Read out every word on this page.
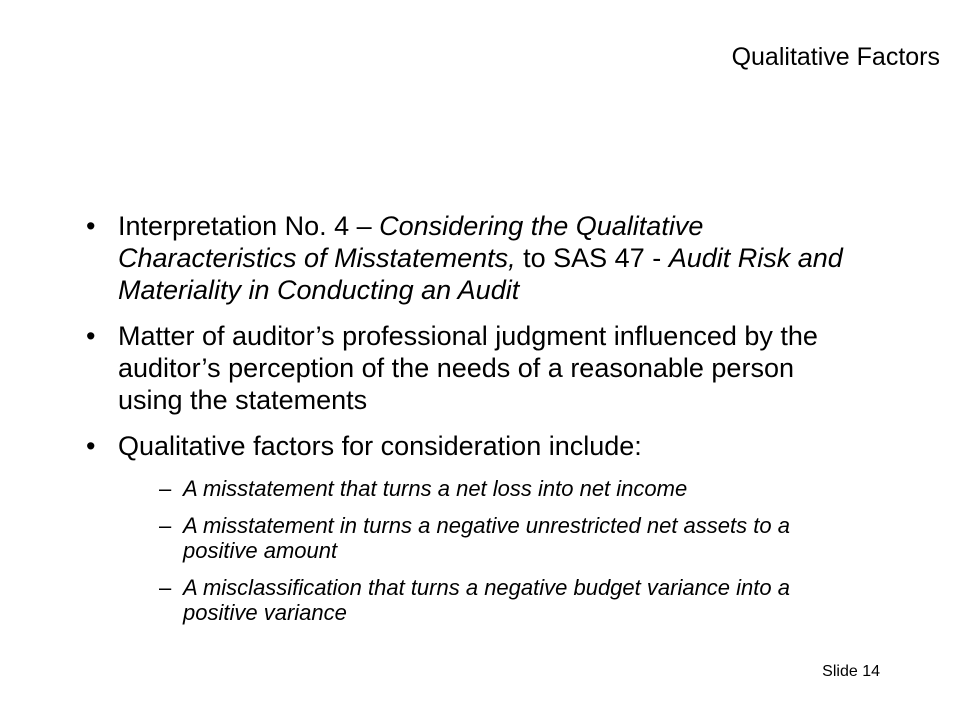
Qualitative Factors
• Interpretation No. 4 – Considering the Qualitative Characteristics of Misstatements, to SAS 47 - Audit Risk and Materiality in Conducting an Audit
• Matter of auditor’s professional judgment influenced by the auditor’s perception of the needs of a reasonable person using the statements
• Qualitative factors for consideration include:
– A misstatement that turns a net loss into net income
– A misstatement in turns a negative unrestricted net assets to a positive amount
– A misclassification that turns a negative budget variance into a positive variance
Slide 14
